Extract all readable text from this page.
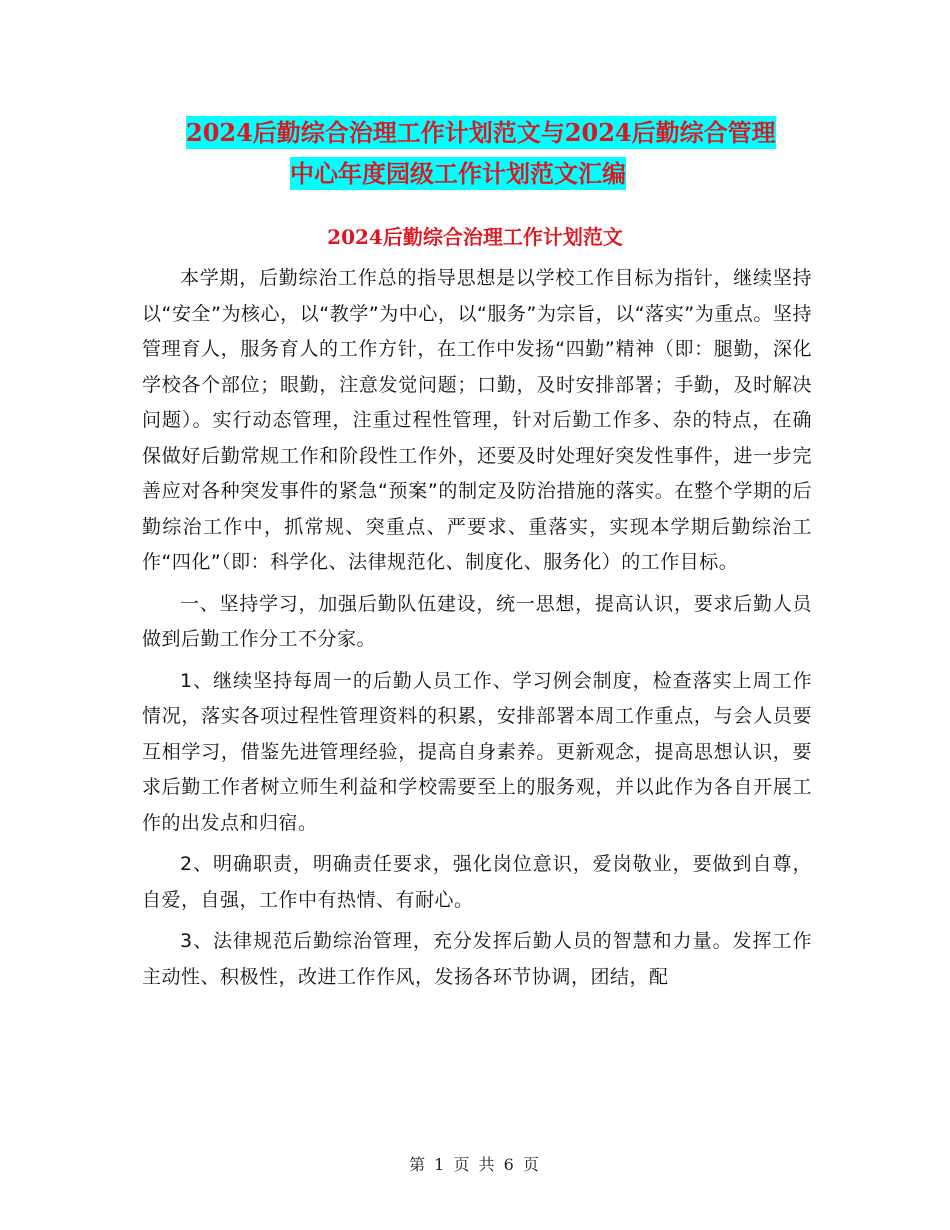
2024后勤综合治理工作计划范文与2024后勤综合管理
中心年度园级工作计划范文汇编
2024后勤综合治理工作计划范文

本学期，后勤综治工作总的指导思想是以学校工作目标为指针，继续坚持以“安全”为核心，以“教学”为中心，以“服务”为宗旨，以“落实”为重点。坚持管理育人，服务育人的工作方针，在工作中发扬“四勤”精神（即：腿勤，深化学校各个部位；眼勤，注意发觉问题；口勤，及时安排部署；手勤，及时解决问题）。实行动态管理，注重过程性管理，针对后勤工作多、杂的特点，在确保做好后勤常规工作和阶段性工作外，还要及时处理好突发性事件，进一步完善应对各种突发事件的紧急“预案”的制定及防治措施的落实。在整个学期的后勤综治工作中，抓常规、突重点、严要求、重落实，实现本学期后勤综治工作“四化”（即：科学化、法律规范化、制度化、服务化）的工作目标。

一、坚持学习，加强后勤队伍建设，统一思想，提高认识，要求后勤人员做到后勤工作分工不分家。

1、继续坚持每周一的后勤人员工作、学习例会制度，检查落实上周工作情况，落实各项过程性管理资料的积累，安排部署本周工作重点，与会人员要互相学习，借鉴先进管理经验，提高自身素养。更新观念，提高思想认识，要求后勤工作者树立师生利益和学校需要至上的服务观，并以此作为各自开展工作的出发点和归宿。

2、明确职责，明确责任要求，强化岗位意识，爱岗敬业，要做到自尊，自爱，自强，工作中有热情、有耐心。

3、法律规范后勤综治管理，充分发挥后勤人员的智慧和力量。发挥工作主动性、积极性，改进工作作风，发扬各环节协调，团结，配

第 1 页 共 6 页
